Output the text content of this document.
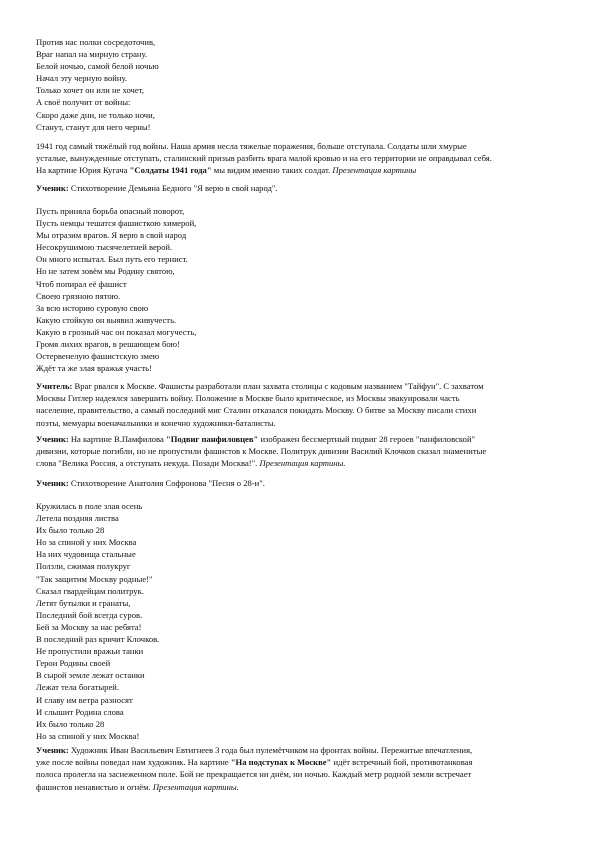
Против нас полки сосредоточив,
Враг напал на мирную страну.
Белой ночью, самой белой ночью
Начал эту черную войну.
Только хочет он или не хочет,
А своё получит от войны:
Скоро даже дни, не только ночи,
Станут, станут для него черны!

1941 год самый тяжёлый год войны. Наша армия несла тяжелые поражения, больше отступала. Солдаты шли хмурые

усталые, вынужденные отступать, сталинский призыв разбить врага малой кровью и на его территории не оправдывал себя.

На картине Юрия Кугача "Солдаты 1941 года" мы видим именно таких солдат. Презентация картины

Ученик: Стихотворение Демьяна Бедного "Я верю в свой народ".
Пусть приняла борьба опасный поворот,
Пусть немцы тешатся фашисткою химерой,
Мы отразим врагов. Я верю в свой народ
Несокрушимою тысячелетней верой.
Он много испытал. Был путь его тернист.
Но не затем зовём мы Родину святою,
Чтоб попирал её фашист
Своею грязною пятою.
За всю историю суровую свою
Какую стойкую он выявил живучесть.
Какую в грозный час он показал могучесть,
Громя лихих врагов, в решающем бою!
Остервенелую фашистскую змею
Ждёт та же злая вражья участь!

Учитель: Враг рвался к Москве. Фашисты разработали план захвата столицы с кодовым названием "Тайфун". С захватом

Москвы Гитлер надеялся завершить войну. Положение в Москве было критическое, из Москвы эвакуировали часть

население, правительство, а самый последний миг Сталин отказался покидать Москву. О битве за Москву писали стихи

поэты, мемуары военачальники и конечно художники-баталисты.

Ученик: На картине В.Памфилова "Подвиг панфиловцев" изображен бессмертный подвиг 28 героев "панфиловской"

дивизии, которые погибли, но не пропустили фашистов к Москве. Политрук дивизии Василий Клочков сказал знаменитые

слова "Велика Россия, а отступать некуда. Позади Москва!". Презентация картины.

Ученик: Стихотворение Анатолия Софронова "Песня о 28-и".
Кружилась в поле злая осень
Летела поздняя листва
Их было только 28
Но за спиной у них Москва
На них чудовища стальные
Ползли, сжимая полукруг
"Так защитим Москву родные!"
Сказал гвардейцам политрук.
Летят бутылки и гранаты,
Последний бой всегда суров.
Бей за Москву за нас ребята!
В последний раз кричит Клочков.
Не пропустили вражьи танки
Герои Родины своей
В сырой земле лежат останки
Лежат тела богатырей.
И славу им ветра разносят
И слышит Родина слова
Их было только 28
Но за спиной у них Москва!

Ученик: Художник Иван Васильевич Евтигнеев 3 года был пулемётчиком на фронтах войны. Пережитые впечатления,

уже после войны поведал нам художник. На картине "На подступах к Москве" идёт встречный бой, противотанковая

полоса пролегла на заснеженном поле. Бой не прекращается ни днём, ни ночью. Каждый метр родной земли встречает

фашистов ненавистью и огнём. Презентация картины.
